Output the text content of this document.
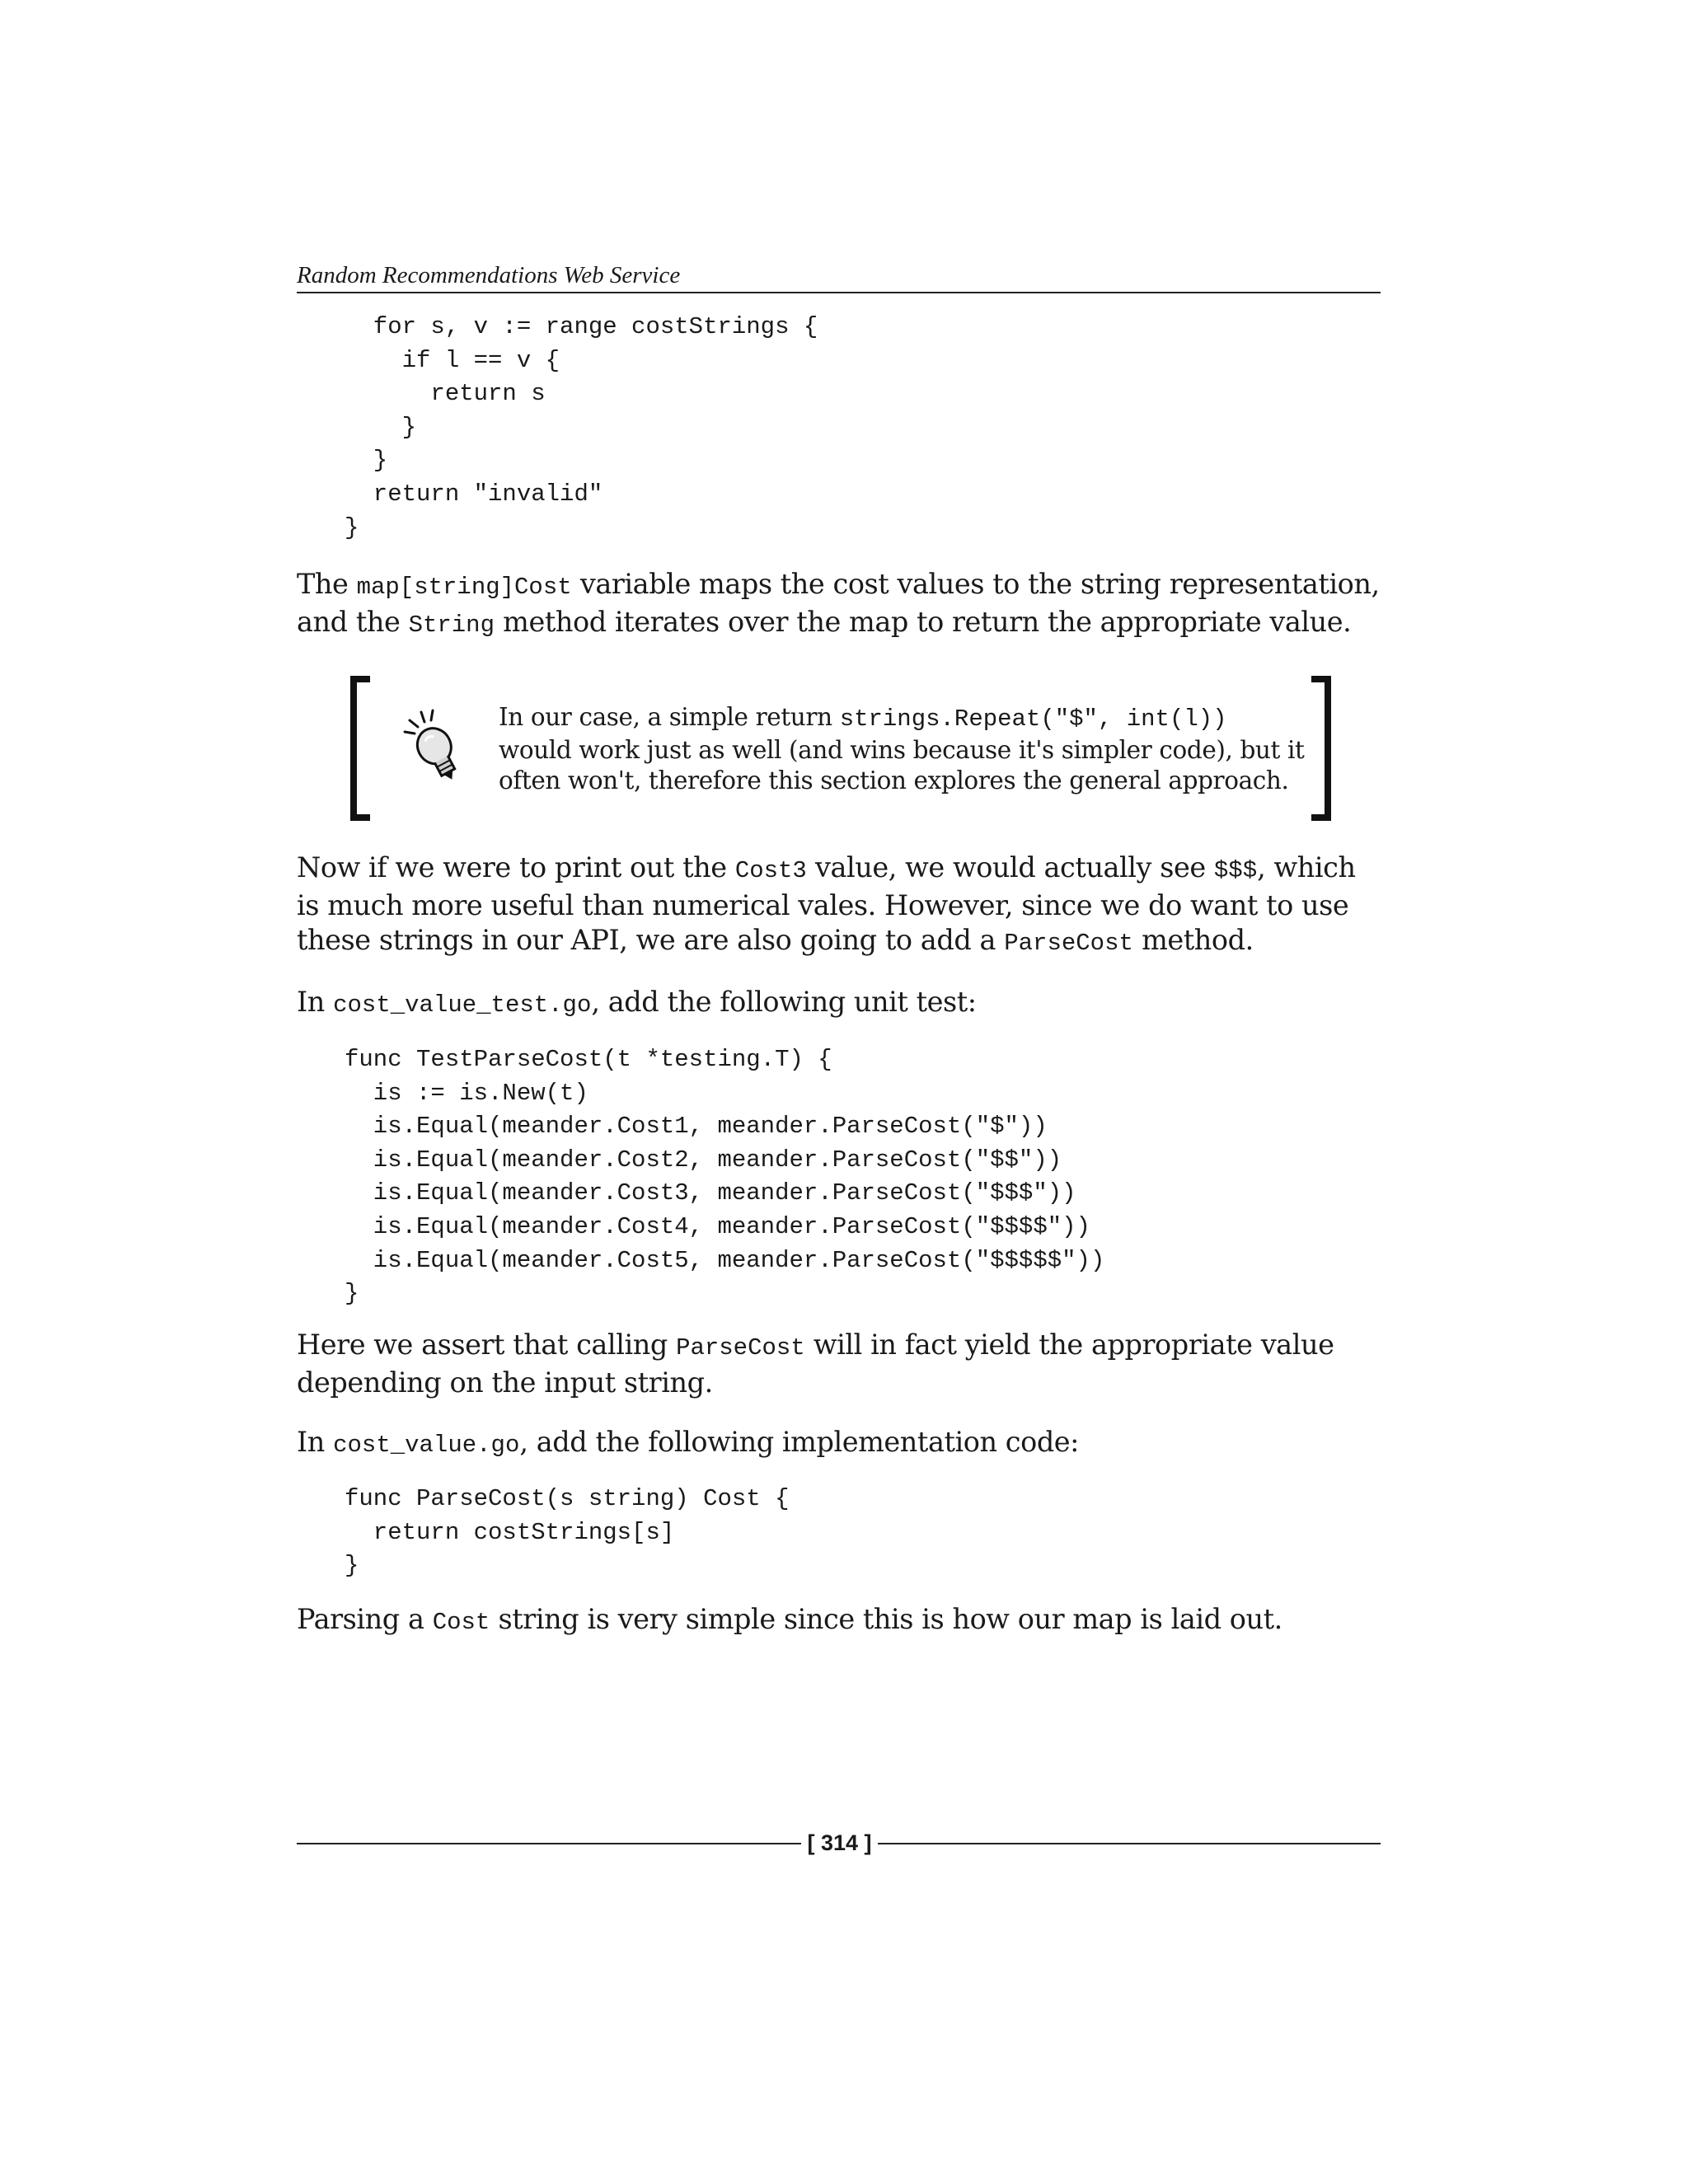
Random Recommendations Web Service
for s, v := range costStrings {
if l == v {
return s
}
}
return "invalid"
}

The map[string]Cost variable maps the cost values to the string representation, and the String method iterates over the map to return the appropriate value.

In our case, a simple return strings.Repeat("$", int(l)) would work just as well (and wins because it's simpler code), but it often won't, therefore this section explores the general approach.

Now if we were to print out the Cost3 value, we would actually see $$$, which is much more useful than numerical vales. However, since we do want to use these strings in our API, we are also going to add a ParseCost method.

In cost_value_test.go, add the following unit test:

func TestParseCost(t *testing.T) {
is := is.New(t)
is.Equal(meander.Cost1, meander.ParseCost("$"))
is.Equal(meander.Cost2, meander.ParseCost("$$"))
is.Equal(meander.Cost3, meander.ParseCost("$$$"))
is.Equal(meander.Cost4, meander.ParseCost("$$$$"))
is.Equal(meander.Cost5, meander.ParseCost("$$$$$"))
}

Here we assert that calling ParseCost will in fact yield the appropriate value depending on the input string.

In cost_value.go, add the following implementation code:

func ParseCost(s string) Cost {
return costStrings[s]
}

Parsing a Cost string is very simple since this is how our map is laid out.

[ 314 ]
